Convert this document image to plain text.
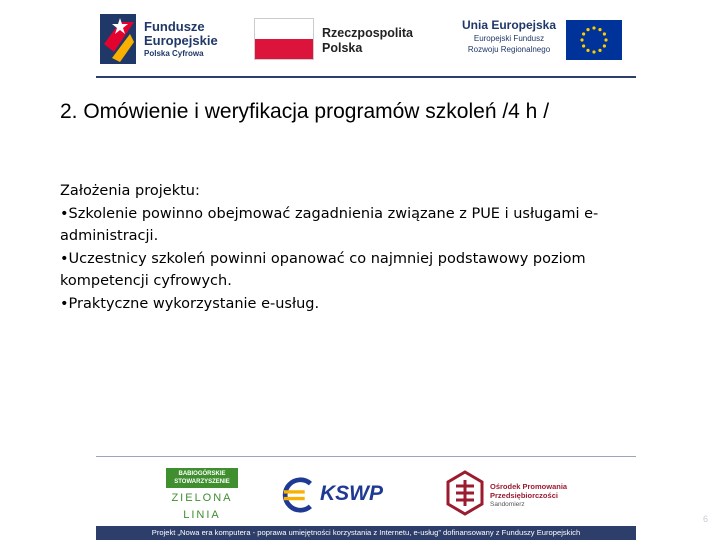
Fundusze
Europejskie
Polska Cyfrowa
Rzeczpospolita
Polska
Unia Europejska
Europejski Fundusz
Rozwoju Regionalnego
2. Omówienie i weryfikacja programów szkoleń /4 h /
Założenia projektu:

•Szkolenie powinno obejmować zagadnienia związane z PUE i usługami e-administracji.

•Uczestnicy szkoleń powinni opanować co najmniej podstawowy poziom kompetencji cyfrowych.

•Praktyczne wykorzystanie e-usług.

BABIOGÓRSKIE STOWARZYSZENIE
ZIELONA
LINIA
KSWP	Ośrodek Promowania
Przedsiębiorczości
Sandomierz
Projekt „Nowa era komputera - poprawa umiejętności korzystania z Internetu, e-usług” dofinansowany z Funduszy Europejskich
6
